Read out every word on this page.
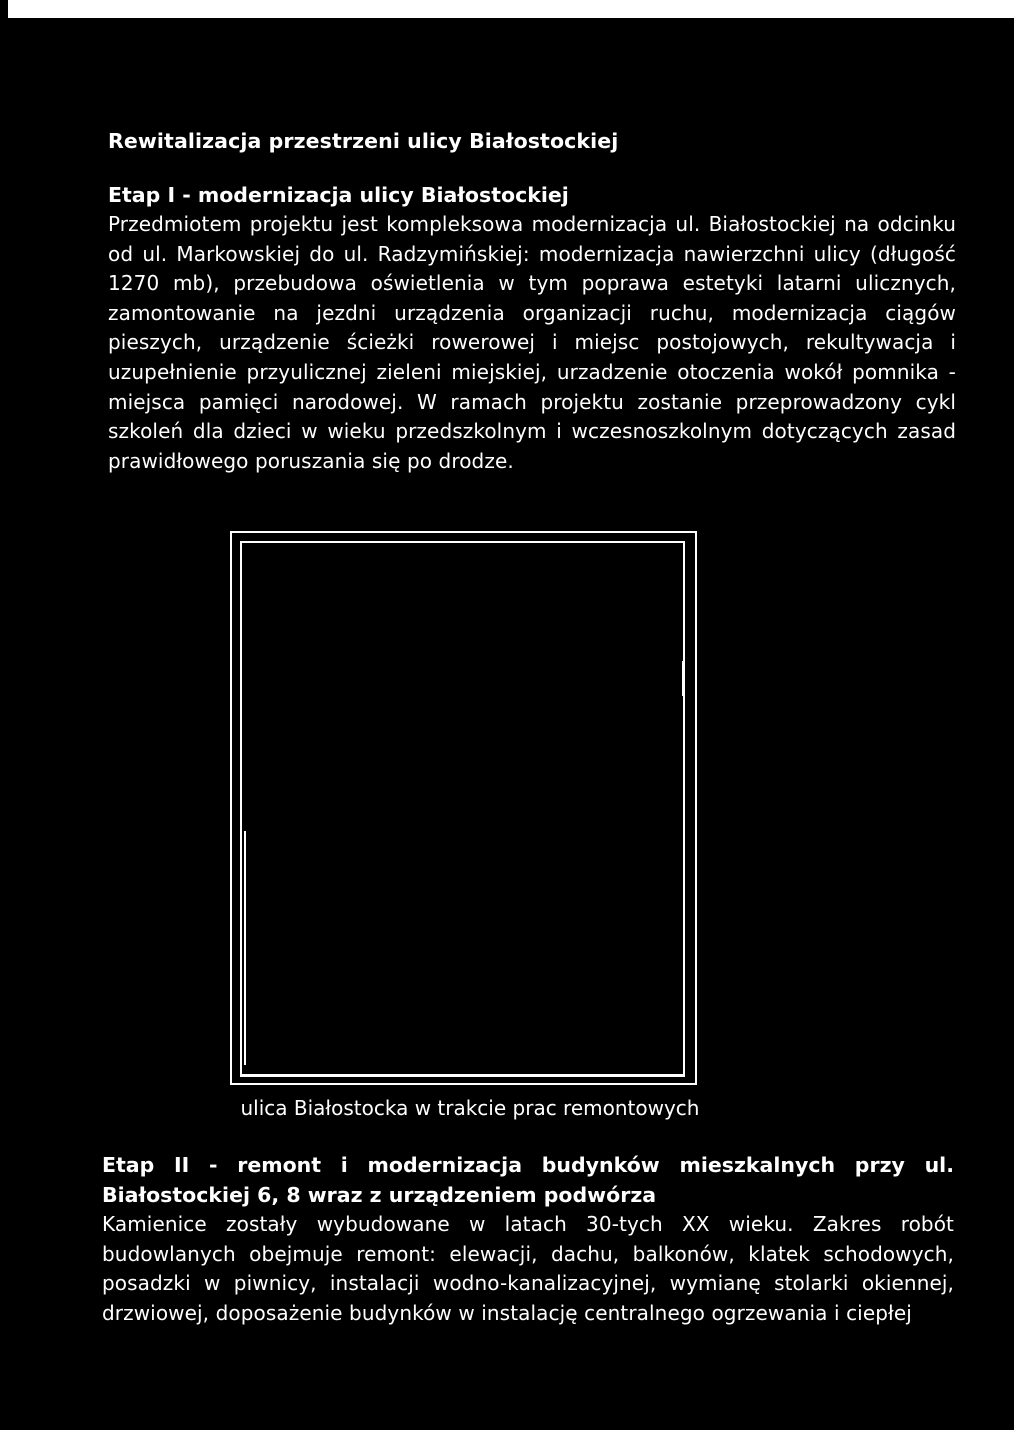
Rewitalizacja przestrzeni ulicy Białostockiej
Etap I - modernizacja ulicy Białostockiej

Przedmiotem projektu jest kompleksowa modernizacja ul. Białostockiej na odcinku od ul. Markowskiej do ul. Radzymińskiej: modernizacja nawierzchni ulicy (długość 1270 mb), przebudowa oświetlenia w tym poprawa estetyki latarni ulicznych, zamontowanie na jezdni urządzenia organizacji ruchu, modernizacja ciągów pieszych, urządzenie ścieżki rowerowej i miejsc postojowych, rekultywacja i uzupełnienie przyulicznej zieleni miejskiej, urzadzenie otoczenia wokół pomnika - miejsca pamięci narodowej. W ramach projektu zostanie przeprowadzony cykl szkoleń dla dzieci w wieku przedszkolnym i wczesnoszkolnym dotyczących zasad prawidłowego poruszania się po drodze.

ulica Białostocka w trakcie prac remontowych
Etap II - remont i modernizacja budynków mieszkalnych przy ul. Białostockiej 6, 8 wraz z urządzeniem podwórza

Kamienice zostały wybudowane w latach 30-tych XX wieku. Zakres robót budowlanych obejmuje remont: elewacji, dachu, balkonów, klatek schodowych, posadzki w piwnicy, instalacji wodno-kanalizacyjnej, wymianę stolarki okiennej, drzwiowej, doposażenie budynków w instalację centralnego ogrzewania i ciepłej
